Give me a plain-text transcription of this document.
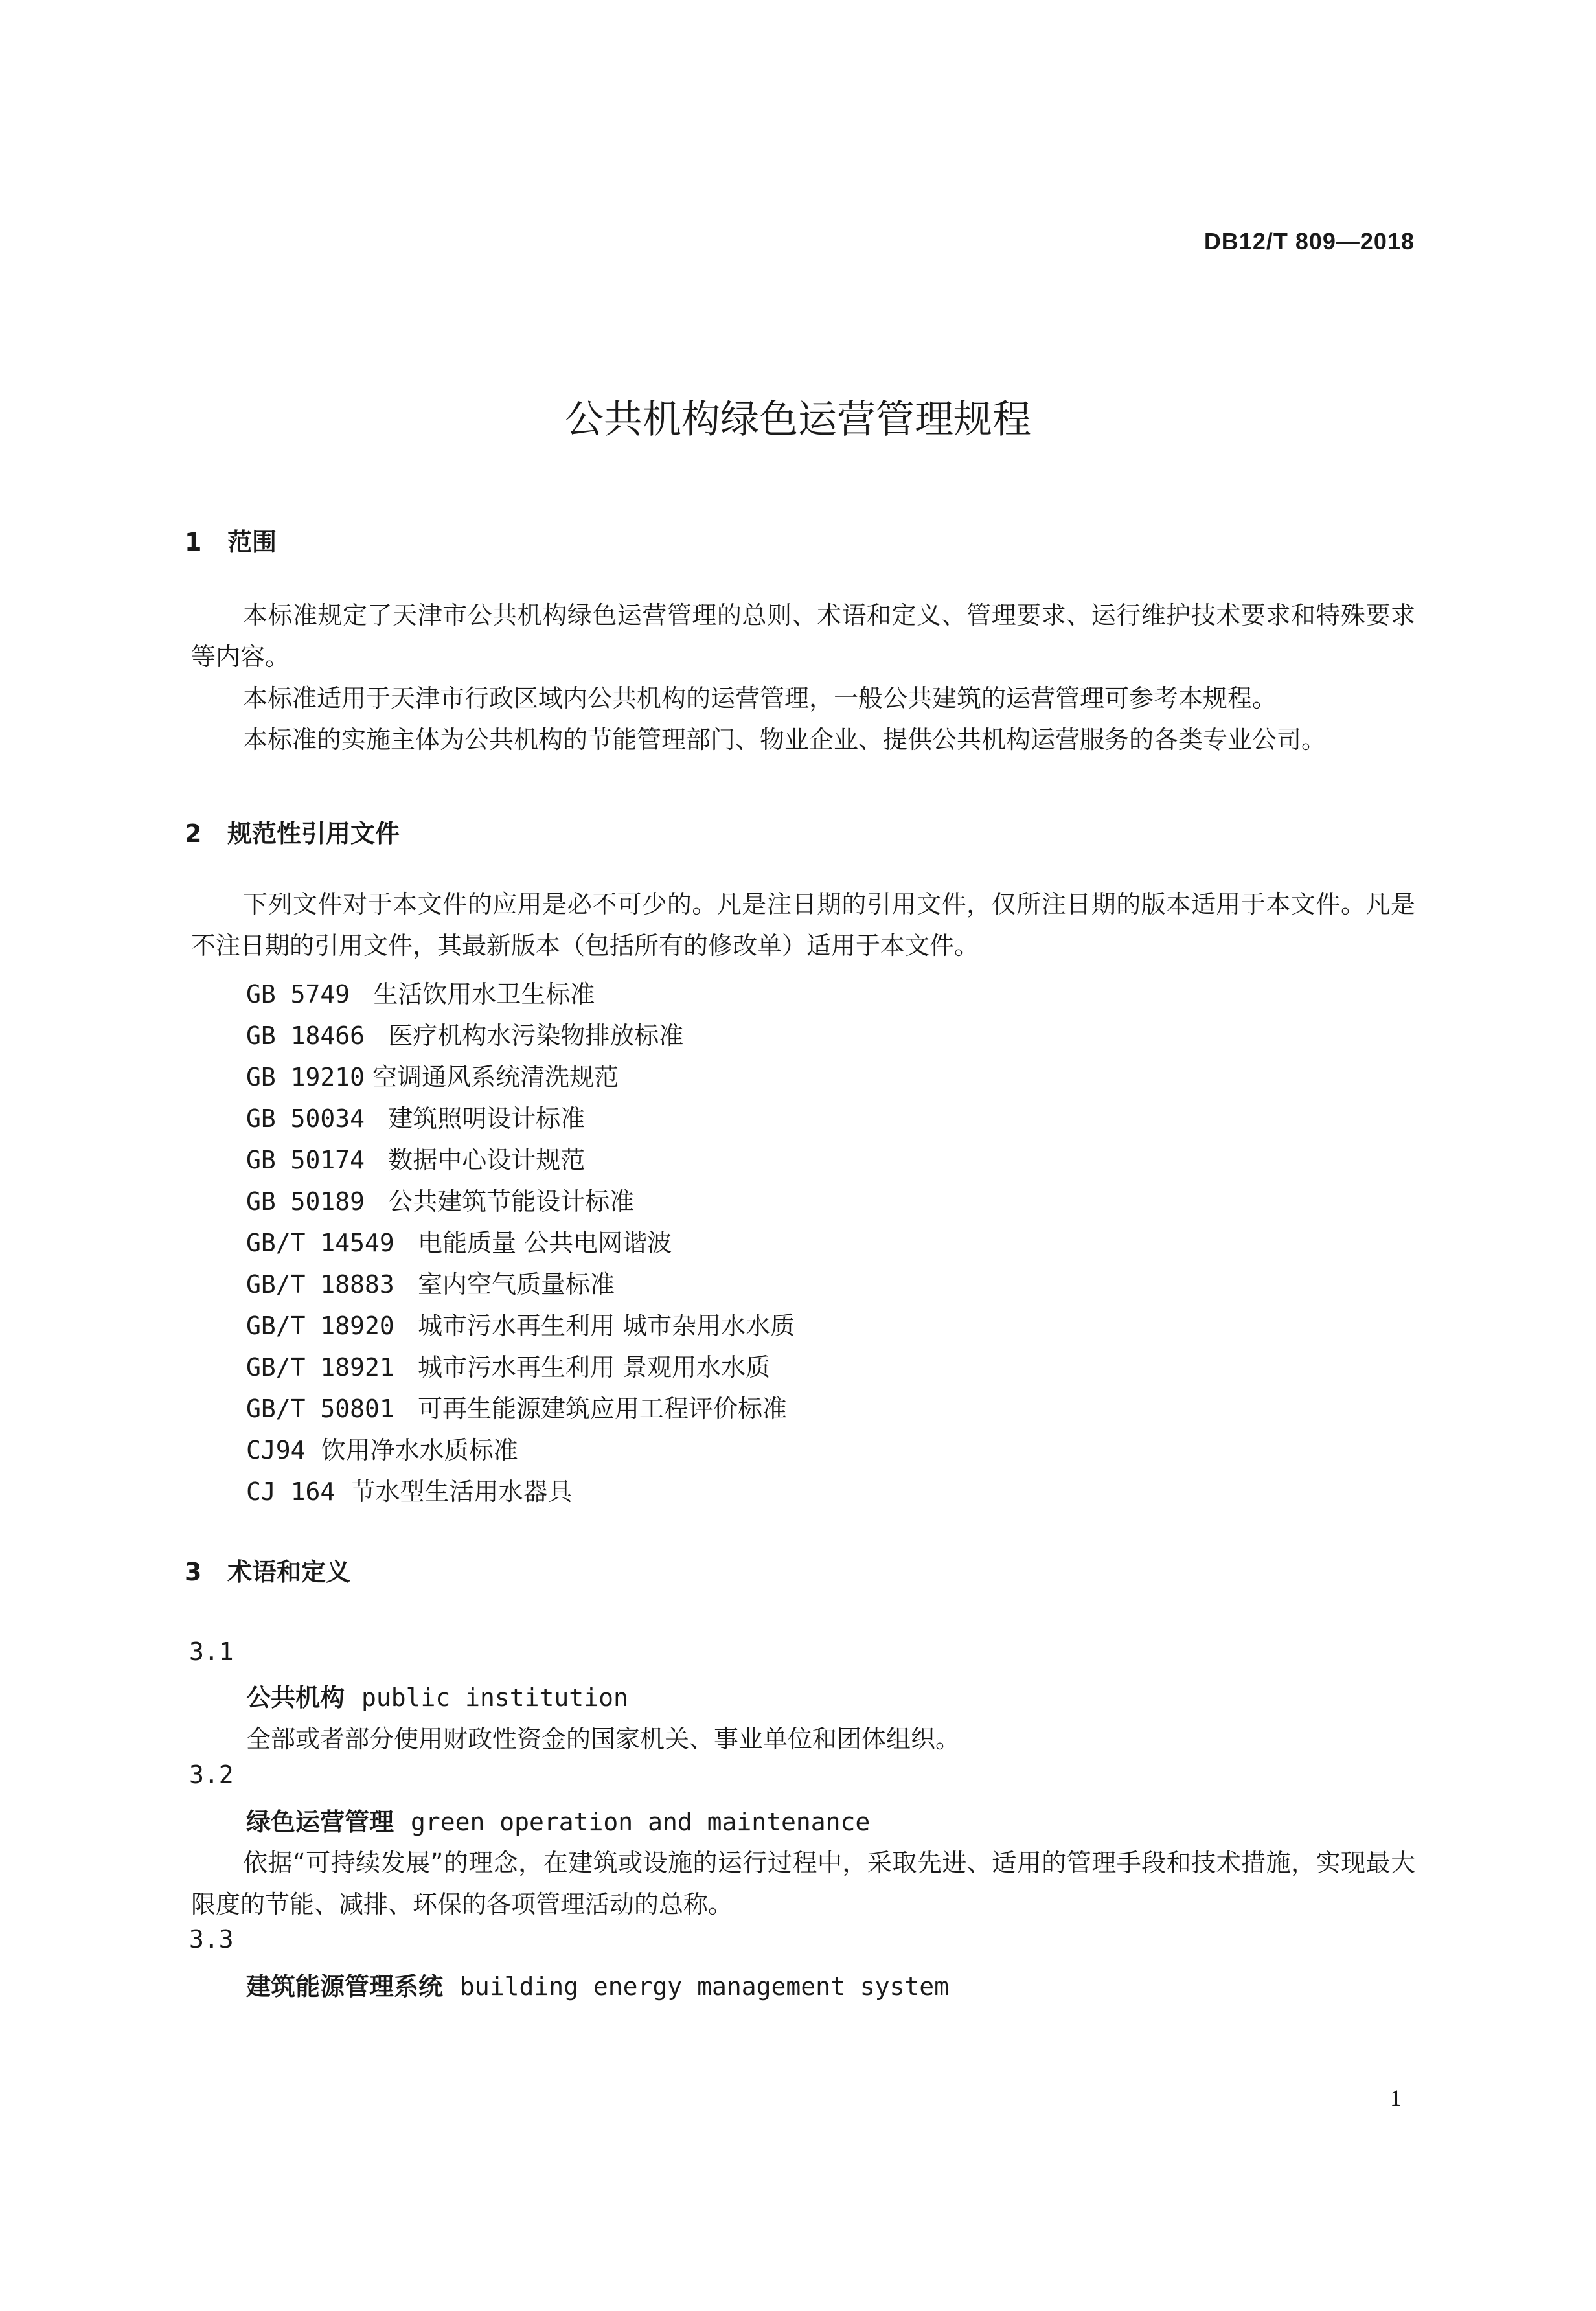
DB12/T 809—2018
公共机构绿色运营管理规程
1 范围
本标准规定了天津市公共机构绿色运营管理的总则、术语和定义、管理要求、运行维护技术要求和特殊要求等内容。
本标准适用于天津市行政区域内公共机构的运营管理，一般公共建筑的运营管理可参考本规程。
本标准的实施主体为公共机构的节能管理部门、物业企业、提供公共机构运营服务的各类专业公司。
2 规范性引用文件
下列文件对于本文件的应用是必不可少的。凡是注日期的引用文件，仅所注日期的版本适用于本文件。凡是不注日期的引用文件，其最新版本（包括所有的修改单）适用于本文件。
GB 5749 生活饮用水卫生标准
GB 18466 医疗机构水污染物排放标准
GB 19210 空调通风系统清洗规范
GB 50034 建筑照明设计标准
GB 50174 数据中心设计规范
GB 50189 公共建筑节能设计标准
GB/T 14549 电能质量 公共电网谐波
GB/T 18883 室内空气质量标准
GB/T 18920 城市污水再生利用 城市杂用水水质
GB/T 18921 城市污水再生利用 景观用水水质
GB/T 50801 可再生能源建筑应用工程评价标准
CJ94 饮用净水水质标准
CJ 164 节水型生活用水器具
3 术语和定义
3.1
公共机构 public institution
全部或者部分使用财政性资金的国家机关、事业单位和团体组织。
3.2
绿色运营管理 green operation and maintenance
依据“可持续发展”的理念，在建筑或设施的运行过程中，采取先进、适用的管理手段和技术措施，实现最大限度的节能、减排、环保的各项管理活动的总称。
3.3
建筑能源管理系统 building energy management system
1
